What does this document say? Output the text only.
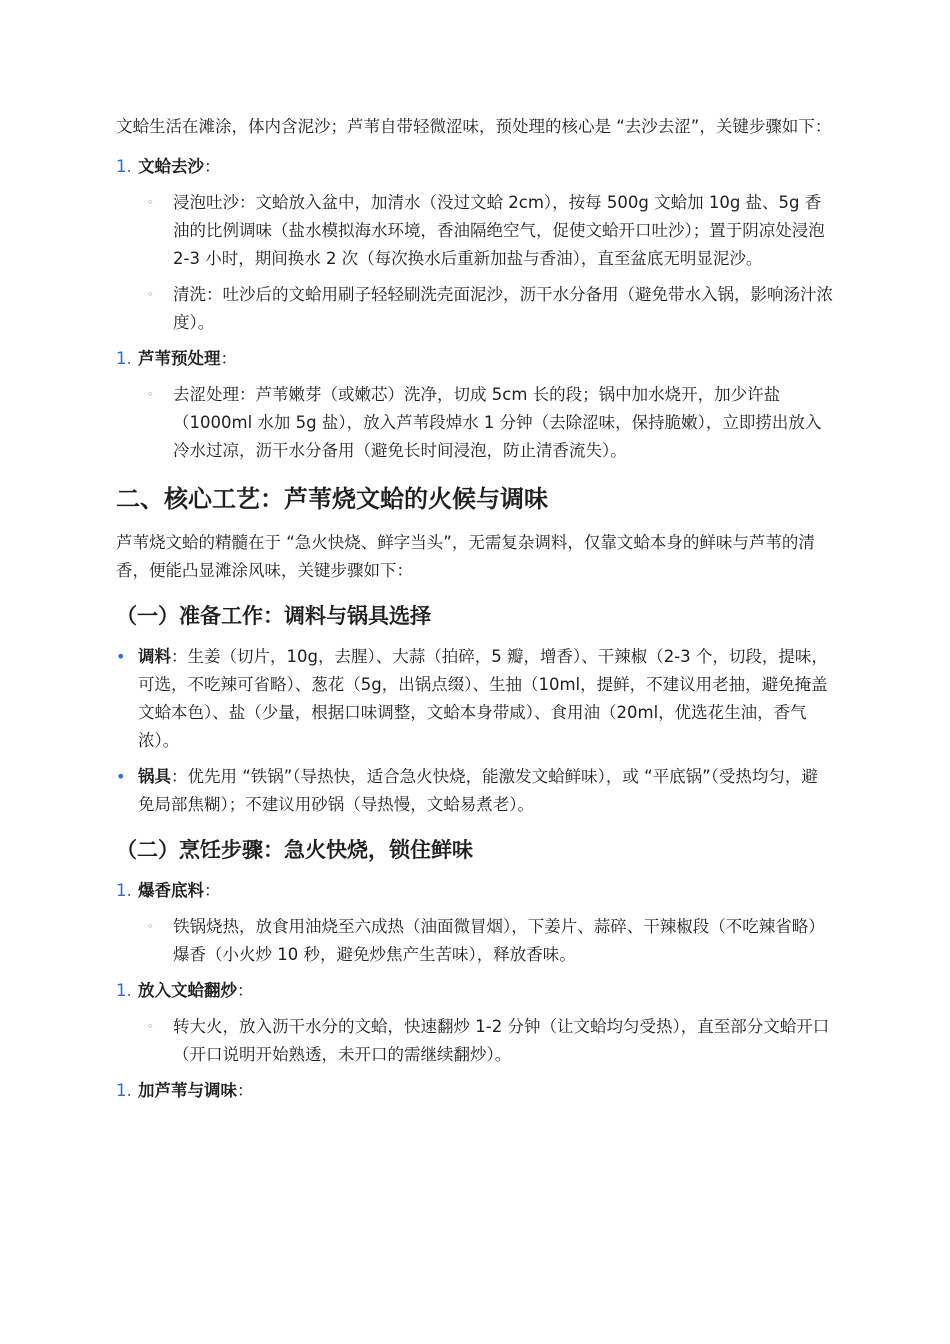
文蛤生活在滩涂，体内含泥沙；芦苇自带轻微涩味，预处理的核心是 “去沙去涩”，关键步骤如下：

1. 文蛤去沙：
◦	浸泡吐沙：文蛤放入盆中，加清水（没过文蛤 2cm），按每 500g 文蛤加 10g 盐、5g 香油的比例调味（盐水模拟海水环境，香油隔绝空气，促使文蛤开口吐沙）；置于阴凉处浸泡 2-3 小时，期间换水 2 次（每次换水后重新加盐与香油），直至盆底无明显泥沙。
◦	清洗：吐沙后的文蛤用刷子轻轻刷洗壳面泥沙，沥干水分备用（避免带水入锅，影响汤汁浓度）。
1. 芦苇预处理：
◦	去涩处理：芦苇嫩芽（或嫩芯）洗净，切成 5cm 长的段；锅中加水烧开，加少许盐（1000ml 水加 5g 盐），放入芦苇段焯水 1 分钟（去除涩味，保持脆嫩），立即捞出放入冷水过凉，沥干水分备用（避免长时间浸泡，防止清香流失）。
二、核心工艺：芦苇烧文蛤的火候与调味

芦苇烧文蛤的精髓在于 “急火快烧、鲜字当头”，无需复杂调料，仅靠文蛤本身的鲜味与芦苇的清香，便能凸显滩涂风味，关键步骤如下：

（一）准备工作：调料与锅具选择
• 调料：生姜（切片，10g，去腥）、大蒜（拍碎，5 瓣，增香）、干辣椒（2-3 个，切段，提味，可选，不吃辣可省略）、葱花（5g，出锅点缀）、生抽（10ml，提鲜，不建议用老抽，避免掩盖文蛤本色）、盐（少量，根据口味调整，文蛤本身带咸）、食用油（20ml，优选花生油，香气浓）。
• 锅具：优先用 “铁锅”（导热快，适合急火快烧，能激发文蛤鲜味），或 “平底锅”（受热均匀，避免局部焦糊）；不建议用砂锅（导热慢，文蛤易煮老）。
（二）烹饪步骤：急火快烧，锁住鲜味
1. 爆香底料：
◦	铁锅烧热，放食用油烧至六成热（油面微冒烟），下姜片、蒜碎、干辣椒段（不吃辣省略）爆香（小火炒 10 秒，避免炒焦产生苦味），释放香味。
1. 放入文蛤翻炒：
◦	转大火，放入沥干水分的文蛤，快速翻炒 1-2 分钟（让文蛤均匀受热），直至部分文蛤开口（开口说明开始熟透，未开口的需继续翻炒）。
1. 加芦苇与调味：
